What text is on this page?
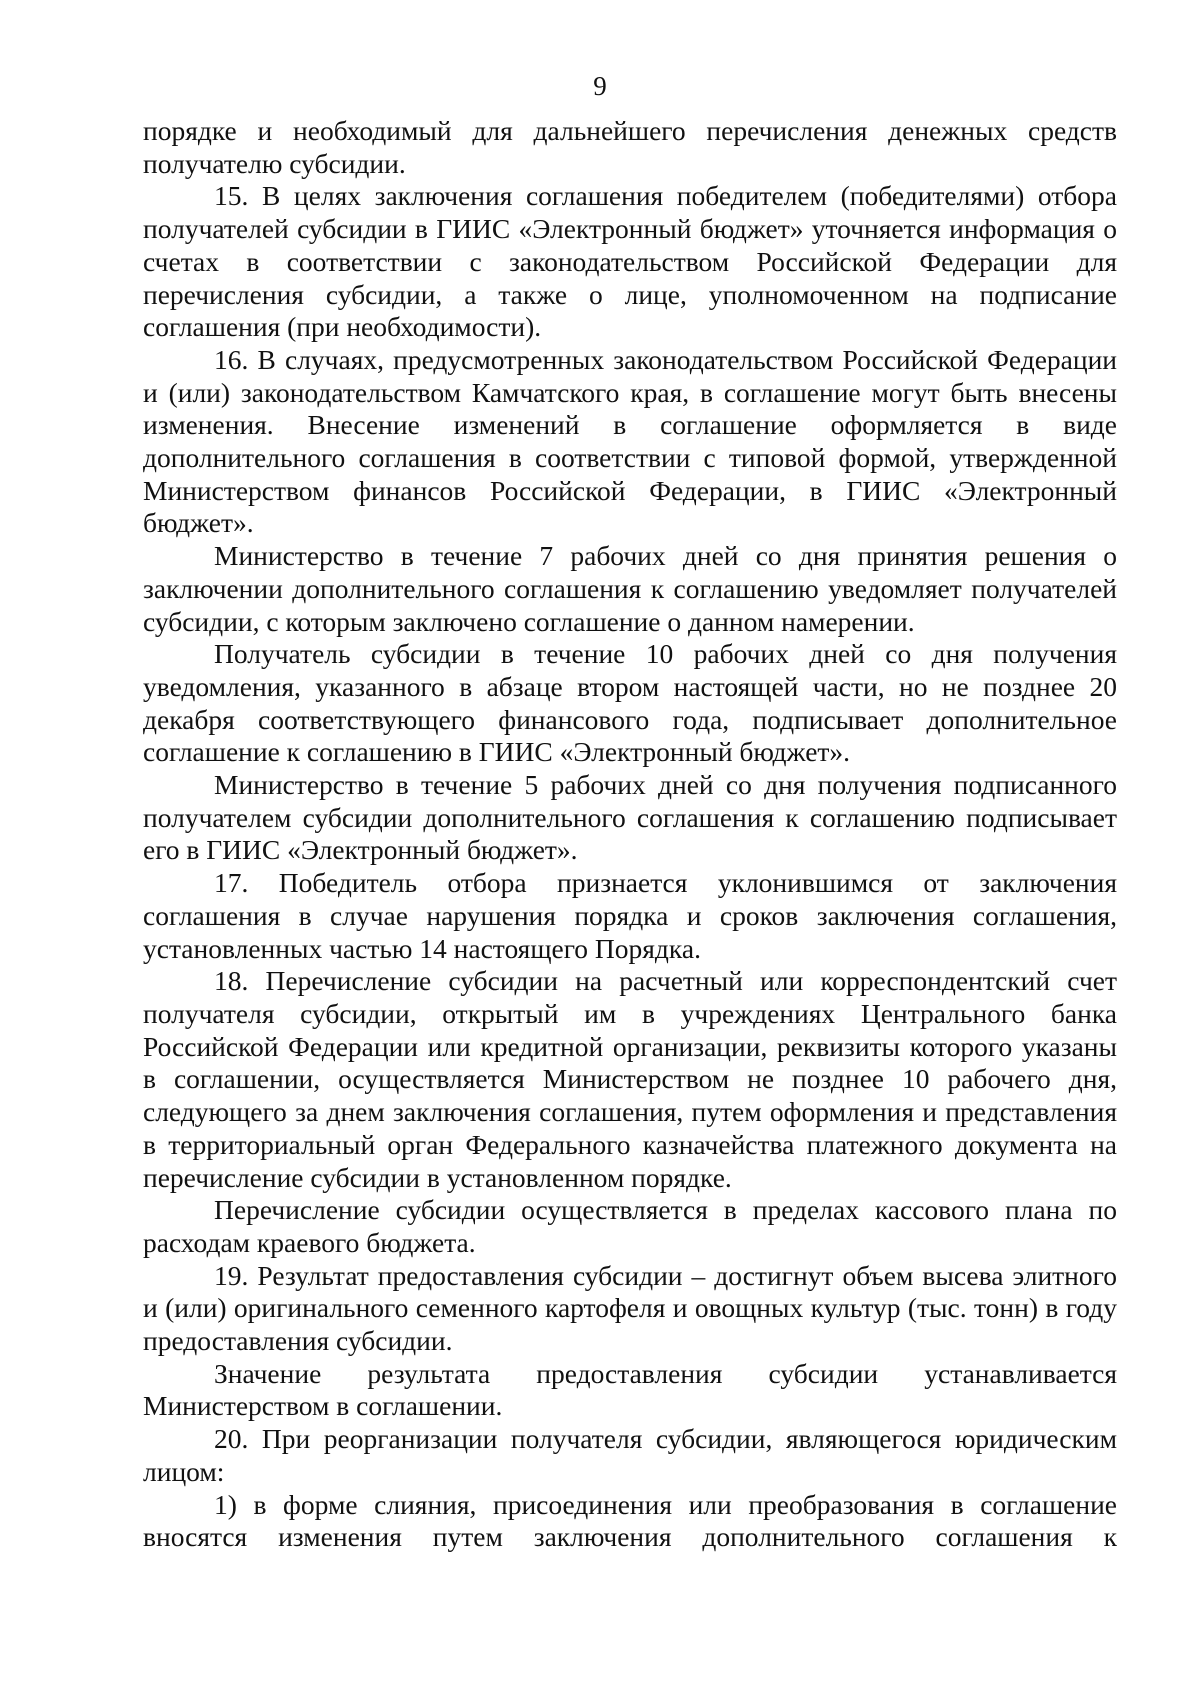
9

порядке и необходимый для дальнейшего перечисления денежных средств получателю субсидии.

15. В целях заключения соглашения победителем (победителями) отбора получателей субсидии в ГИИС «Электронный бюджет» уточняется информация о счетах в соответствии с законодательством Российской Федерации для перечисления субсидии, а также о лице, уполномоченном на подписание соглашения (при необходимости).

16. В случаях, предусмотренных законодательством Российской Федерации и (или) законодательством Камчатского края, в соглашение могут быть внесены изменения. Внесение изменений в соглашение оформляется в виде дополнительного соглашения в соответствии с типовой формой, утвержденной Министерством финансов Российской Федерации, в ГИИС «Электронный бюджет».

Министерство в течение 7 рабочих дней со дня принятия решения о заключении дополнительного соглашения к соглашению уведомляет получателей субсидии, с которым заключено соглашение о данном намерении.

Получатель субсидии в течение 10 рабочих дней со дня получения уведомления, указанного в абзаце втором настоящей части, но не позднее 20 декабря соответствующего финансового года, подписывает дополнительное соглашение к соглашению в ГИИС «Электронный бюджет».

Министерство в течение 5 рабочих дней со дня получения подписанного получателем субсидии дополнительного соглашения к соглашению подписывает его в ГИИС «Электронный бюджет».

17. Победитель отбора признается уклонившимся от заключения соглашения в случае нарушения порядка и сроков заключения соглашения, установленных частью 14 настоящего Порядка.

18. Перечисление субсидии на расчетный или корреспондентский счет получателя субсидии, открытый им в учреждениях Центрального банка Российской Федерации или кредитной организации, реквизиты которого указаны в соглашении, осуществляется Министерством не позднее 10 рабочего дня, следующего за днем заключения соглашения, путем оформления и представления в территориальный орган Федерального казначейства платежного документа на перечисление субсидии в установленном порядке.

Перечисление субсидии осуществляется в пределах кассового плана по расходам краевого бюджета.

19. Результат предоставления субсидии – достигнут объем высева элитного и (или) оригинального семенного картофеля и овощных культур (тыс. тонн) в году предоставления субсидии.

Значение результата предоставления субсидии устанавливается Министерством в соглашении.

20. При реорганизации получателя субсидии, являющегося юридическим лицом:

1) в форме слияния, присоединения или преобразования в соглашение вносятся изменения путем заключения дополнительного соглашения к
